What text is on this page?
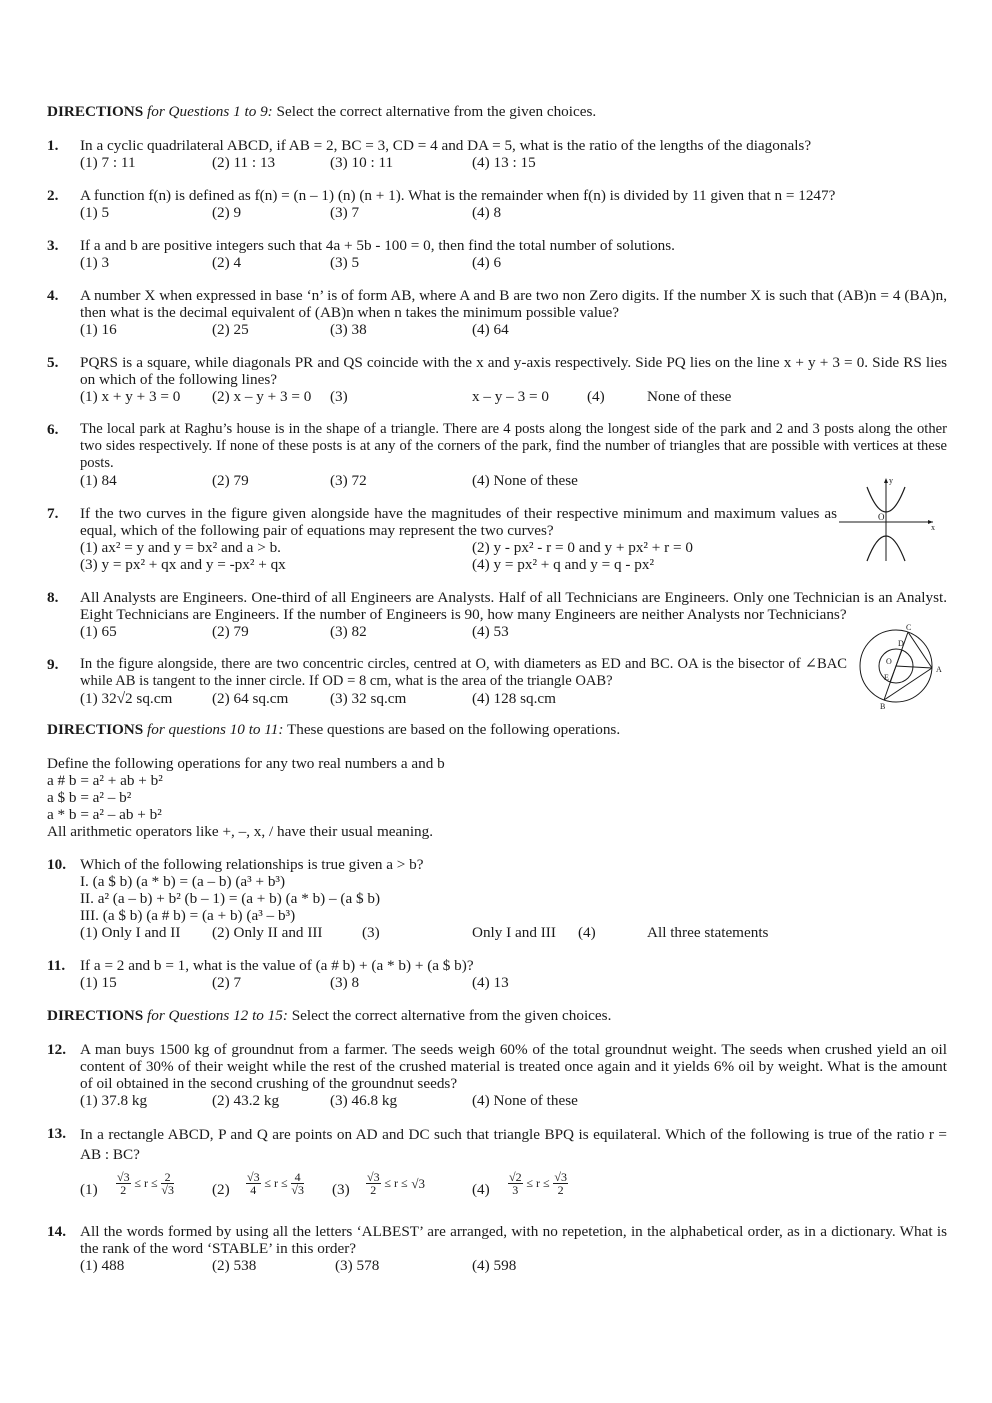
DIRECTIONS for Questions 1 to 9: Select the correct alternative from the given choices.
1. In a cyclic quadrilateral ABCD, if AB = 2, BC = 3, CD = 4 and DA = 5, what is the ratio of the lengths of the diagonals?
(1) 7 : 11	(2) 11 : 13	(3) 10 : 11	(4) 13 : 15
2. A function f(n) is defined as f(n) = (n – 1) (n) (n + 1). What is the remainder when f(n) is divided by 11 given that n = 1247?
(1) 5	(2) 9	(3) 7	(4) 8
3. If a and b are positive integers such that 4a + 5b - 100 = 0, then find the total number of solutions.
(1) 3	(2) 4	(3) 5	(4) 6
4. A number X when expressed in base ‘n’ is of form AB, where A and B are two non Zero digits. If the number X is such that (AB)n = 4 (BA)n, then what is the decimal equivalent of (AB)n when n takes the minimum possible value?
(1) 16	(2) 25	(3) 38	(4) 64
5. PQRS is a square, while diagonals PR and QS coincide with the x and y-axis respectively. Side PQ lies on the line x + y + 3 = 0. Side RS lies on which of the following lines?
(1) x + y + 3 = 0 (2) x – y + 3 = 0 (3)	x – y – 3 = 0	(4)	None of these
6. The local park at Raghu’s house is in the shape of a triangle. There are 4 posts along the longest side of the park and 2 and 3 posts along the other two sides respectively. If none of these posts is at any of the corners of the park, find the number of triangles that are possible with vertices at these posts.
(1) 84	(2) 79	(3) 72	(4) None of these
7. If the two curves in the figure given alongside have the magnitudes of their respective minimum and maximum values as equal, which of the following pair of equations may represent the two curves?
(1) ax² = y and y = bx² and a > b.	(2) y - px² - r = 0 and y + px² + r = 0
(3) y = px² + qx and y = -px² + qx	(4) y = px² + q and y = q - px²
y
x
O
8. All Analysts are Engineers. One-third of all Engineers are Analysts. Half of all Technicians are Engineers. Only one Technician is an Analyst. Eight Technicians are Engineers. If the number of Engineers is 90, how many Engineers are neither Analysts nor Technicians?
(1) 65	(2) 79	(3) 82	(4) 53
9. In the figure alongside, there are two concentric circles, centred at O, with diameters as ED and BC. OA is the bisector of ∠BAC while AB is tangent to the inner circle. If OD = 8 cm, what is the area of the triangle OAB?
(1) 32√2 sq.cm	(2) 64 sq.cm	(3) 32 sq.cm	(4) 128 sq.cm
C
D
O
E
A
B
DIRECTIONS for questions 10 to 11: These questions are based on the following operations.
Define the following operations for any two real numbers a and b
a # b = a² + ab + b²
a $ b = a² – b²
a * b = a² – ab + b²
All arithmetic operators like +, –, x, / have their usual meaning.
10. Which of the following relationships is true given a > b?
I. (a $ b) (a * b) = (a – b) (a³ + b³)
II. a² (a – b) + b² (b – 1) = (a + b) (a * b) – (a $ b)
III. (a $ b) (a # b) = (a + b) (a³ – b³)
(1) Only I and II (2) Only II and III	(3)	Only I and III (4)	All three statements
11. If a = 2 and b = 1, what is the value of (a # b) + (a * b) + (a $ b)?
(1) 15	(2) 7	(3) 8	(4) 13
DIRECTIONS for Questions 12 to 15: Select the correct alternative from the given choices.
12. A man buys 1500 kg of groundnut from a farmer. The seeds weigh 60% of the total groundnut weight. The seeds when crushed yield an oil content of 30% of their weight while the rest of the crushed material is treated once again and it yields 6% oil by weight. What is the amount of oil obtained in the second crushing of the groundnut seeds?
(1) 37.8 kg	(2) 43.2 kg	(3) 46.8 kg	(4) None of these
13. In a rectangle ABCD, P and Q are points on AD and DC such that triangle BPQ is equilateral. Which of the following is true of the ratio r = AB : BC?
$(1) \frac{√3}{2} \le r \le \frac{2}{√3}$	$(2) \frac{√3}{4} \le r \le \frac{4}{√3} (3) \frac{√3}{2} \le r \le √3$	$(4) \frac{√2}{3} \le r \le \frac{√3}{2}$
14. All the words formed by using all the letters ‘ALBEST’ are arranged, with no repetetion, in the alphabetical order, as in a dictionary. What is the rank of the word ‘STABLE’ in this order?
(1) 488	(2) 538	(3) 578	(4) 598
